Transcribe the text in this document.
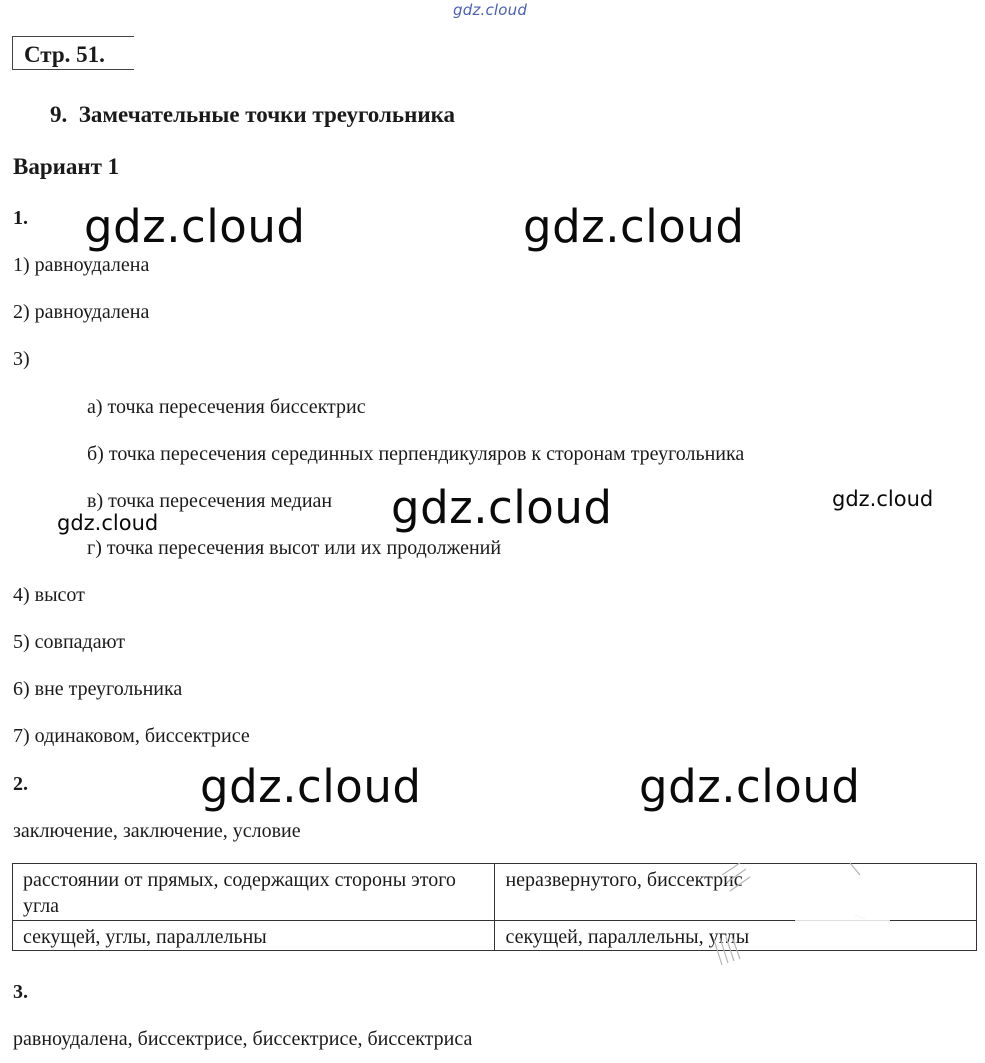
gdz.cloud
Стр. 51.
9. Замечательные точки треугольника
Вариант 1
1.
1) равноудалена
2) равноудалена
3)
а) точка пересечения биссектрис
б) точка пересечения серединных перпендикуляров к сторонам треугольника
в) точка пересечения медиан
г) точка пересечения высот или их продолжений
4) высот
5) совпадают
6) вне треугольника
7) одинаковом, биссектрисе
2.
заключение, заключение, условие
расстоянии от прямых, содержащих стороны этого угла	неразвернутого, биссектрис
секущей, углы, параллельны	секущей, параллельны, углы
3.
равноудалена, биссектрисе, биссектрисе, биссектриса
gdz.cloud	gdz.cloud
gdz.cloud
gdz.cloud	gdz.cloud
gdz.cloud
gdz.cloud
